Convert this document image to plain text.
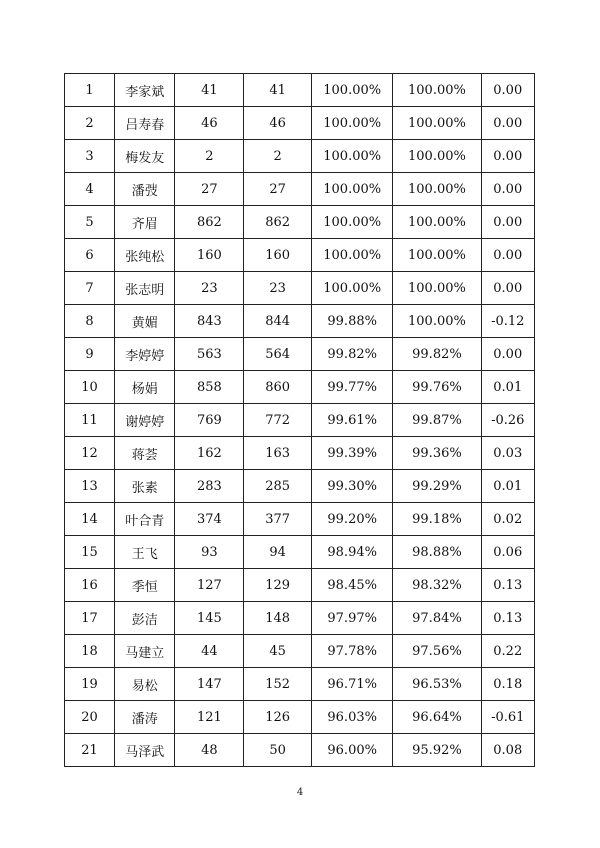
1	李家斌	41	41	100.00%	100.00%	0.00
2	吕寿春	46	46	100.00%	100.00%	0.00
3	梅发友	2	2	100.00%	100.00%	0.00
4	潘弢	27	27	100.00%	100.00%	0.00
5	齐眉	862	862	100.00%	100.00%	0.00
6	张纯松	160	160	100.00%	100.00%	0.00
7	张志明	23	23	100.00%	100.00%	0.00
8	黄媚	843	844	99.88%	100.00%	-0.12
9	李婷婷	563	564	99.82%	99.82%	0.00
10	杨娟	858	860	99.77%	99.76%	0.01
11	谢婷婷	769	772	99.61%	99.87%	-0.26
12	蒋荟	162	163	99.39%	99.36%	0.03
13	张素	283	285	99.30%	99.29%	0.01
14	叶合青	374	377	99.20%	99.18%	0.02
15	王飞	93	94	98.94%	98.88%	0.06
16	季恒	127	129	98.45%	98.32%	0.13
17	彭洁	145	148	97.97%	97.84%	0.13
18	马建立	44	45	97.78%	97.56%	0.22
19	易松	147	152	96.71%	96.53%	0.18
20	潘涛	121	126	96.03%	96.64%	-0.61
21	马泽武	48	50	96.00%	95.92%	0.08
4
